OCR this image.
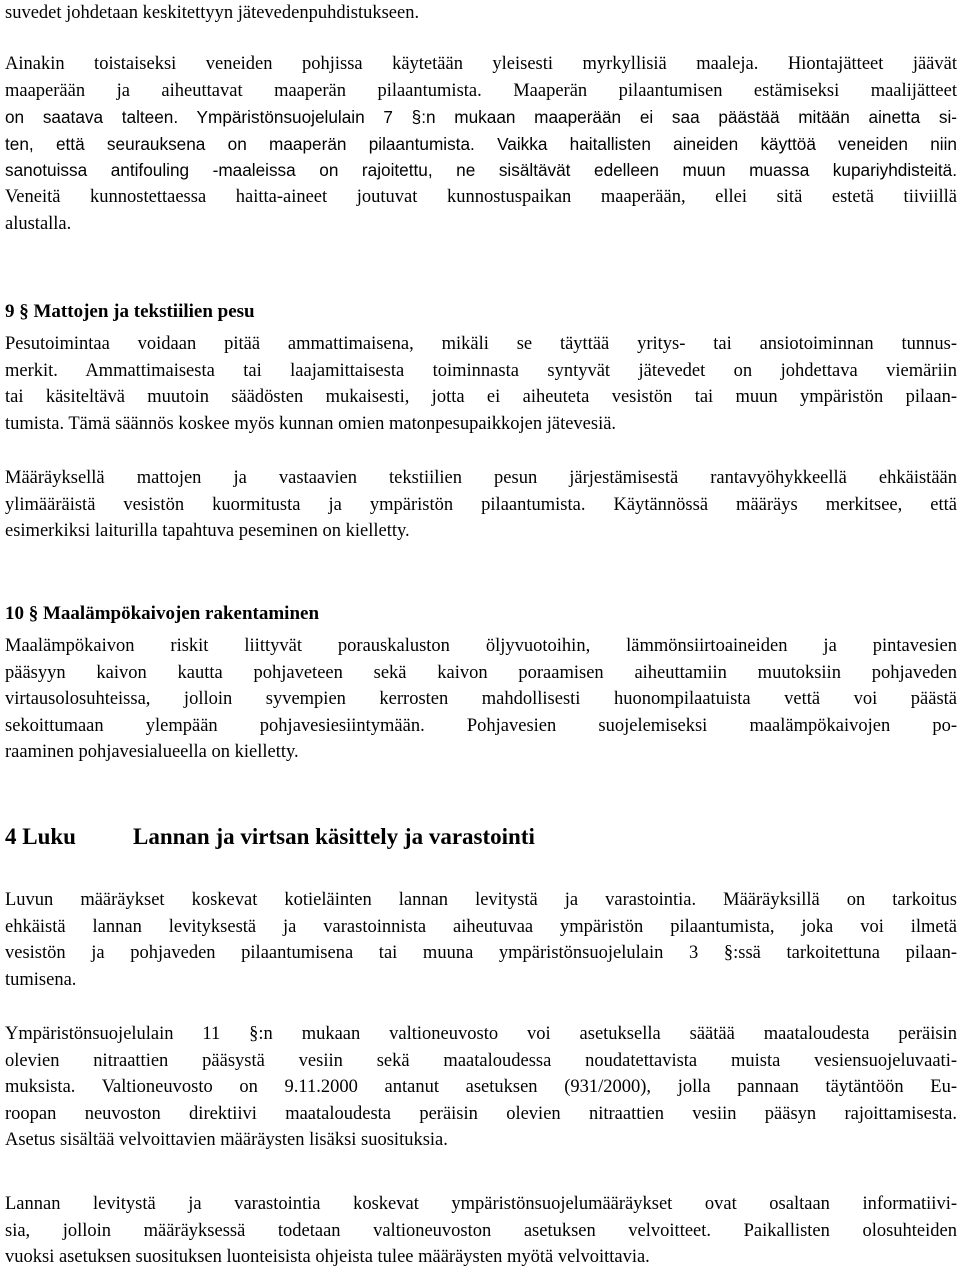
suvedet johdetaan keskitettyyn jätevedenpuhdistukseen.
Ainakin toistaiseksi veneiden pohjissa käytetään yleisesti myrkyllisiä maaleja. Hiontajätteet jäävät
maaperään ja aiheuttavat maaperän pilaantumista. Maaperän pilaantumisen estämiseksi maalijätteet
on saatava talteen. Ympäristönsuojelulain 7 §:n mukaan maaperään ei saa päästää mitään ainetta si-
ten, että seurauksena on maaperän pilaantumista. Vaikka haitallisten aineiden käyttöä veneiden niin
sanotuissa antifouling -maaleissa on rajoitettu, ne sisältävät edelleen muun muassa kupariyhdisteitä.
Veneitä kunnostettaessa haitta-aineet joutuvat kunnostuspaikan maaperään, ellei sitä estetä tiiviillä
alustalla.
9 § Mattojen ja tekstiilien pesu
Pesutoimintaa voidaan pitää ammattimaisena, mikäli se täyttää yritys- tai ansiotoiminnan tunnus-
merkit. Ammattimaisesta tai laajamittaisesta toiminnasta syntyvät jätevedet on johdettava viemäriin
tai käsiteltävä muutoin säädösten mukaisesti, jotta ei aiheuteta vesistön tai muun ympäristön pilaan-
tumista. Tämä säännös koskee myös kunnan omien matonpesupaikkojen jätevesiä.
Määräyksellä mattojen ja vastaavien tekstiilien pesun järjestämisestä rantavyöhykkeellä ehkäistään
ylimääräistä vesistön kuormitusta ja ympäristön pilaantumista. Käytännössä määräys merkitsee, että
esimerkiksi laiturilla tapahtuva peseminen on kielletty.
10 § Maalämpökaivojen rakentaminen
Maalämpökaivon riskit liittyvät porauskaluston öljyvuotoihin, lämmönsiirtoaineiden ja pintavesien
pääsyyn kaivon kautta pohjaveteen sekä kaivon poraamisen aiheuttamiin muutoksiin pohjaveden
virtausolosuhteissa, jolloin syvempien kerrosten mahdollisesti huonompilaatuista vettä voi päästä
sekoittumaan ylempään pohjavesiesiintymään. Pohjavesien suojelemiseksi maalämpökaivojen po-
raaminen pohjavesialueella on kielletty.
4 Luku Lannan ja virtsan käsittely ja varastointi
Luvun määräykset koskevat kotieläinten lannan levitystä ja varastointia. Määräyksillä on tarkoitus
ehkäistä lannan levityksestä ja varastoinnista aiheutuvaa ympäristön pilaantumista, joka voi ilmetä
vesistön ja pohjaveden pilaantumisena tai muuna ympäristönsuojelulain 3 §:ssä tarkoitettuna pilaan-
tumisena.
Ympäristönsuojelulain 11 §:n mukaan valtioneuvosto voi asetuksella säätää maataloudesta peräisin
olevien nitraattien pääsystä vesiin sekä maataloudessa noudatettavista muista vesiensuojeluvaati-
muksista. Valtioneuvosto on 9.11.2000 antanut asetuksen (931/2000), jolla pannaan täytäntöön Eu-
roopan neuvoston direktiivi maataloudesta peräisin olevien nitraattien vesiin pääsyn rajoittamisesta.
Asetus sisältää velvoittavien määräysten lisäksi suosituksia.
Lannan levitystä ja varastointia koskevat ympäristönsuojelumääräykset ovat osaltaan informatiivi-
sia, jolloin määräyksessä todetaan valtioneuvoston asetuksen velvoitteet. Paikallisten olosuhteiden
vuoksi asetuksen suosituksen luonteisista ohjeista tulee määräysten myötä velvoittavia.
